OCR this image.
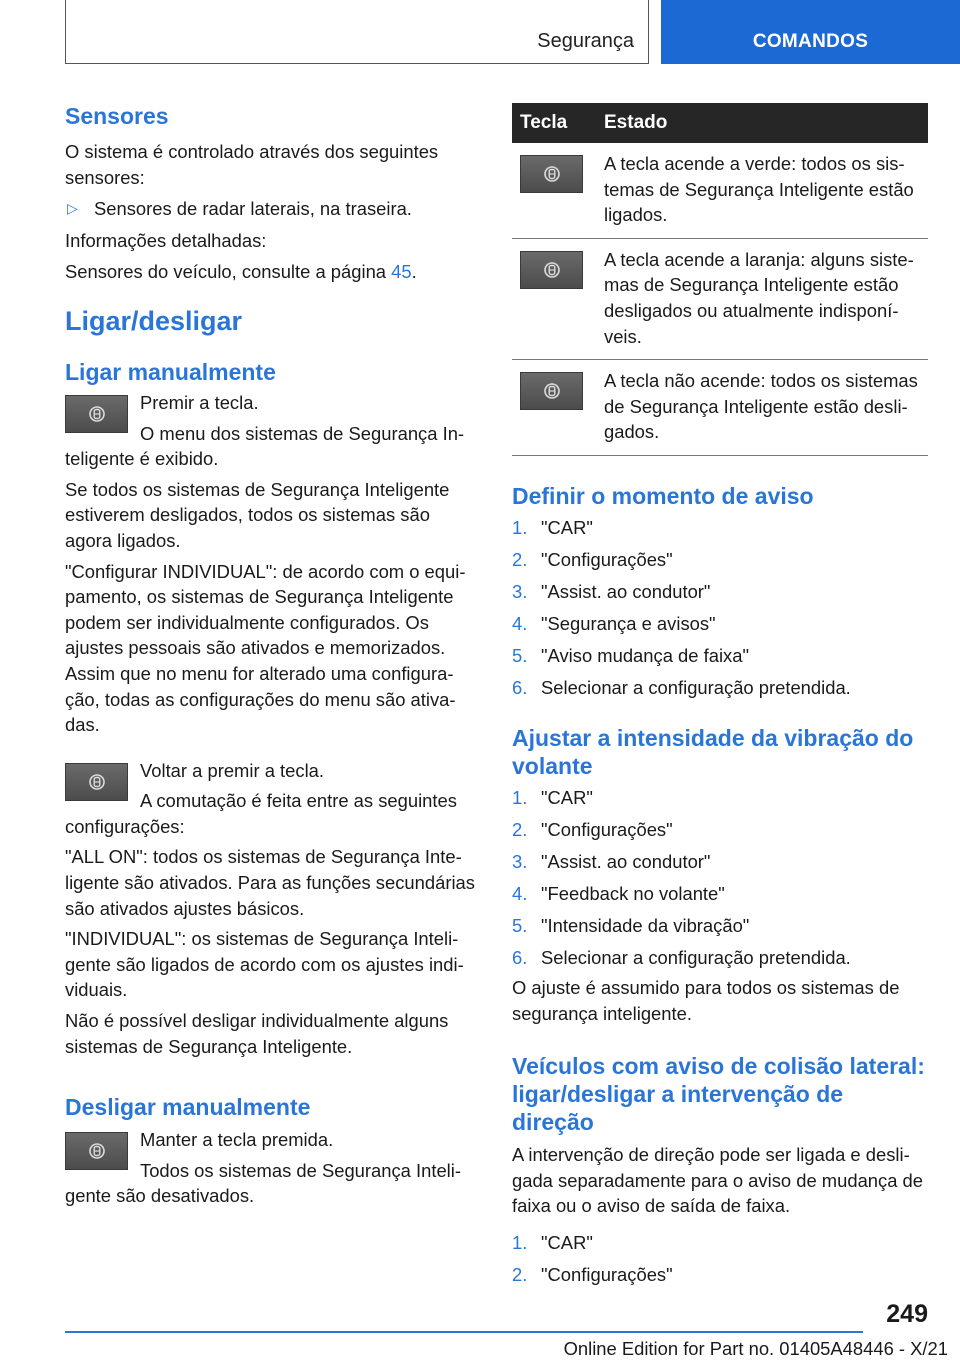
Segurança	COMANDOS
Sensores

O sistema é controlado através dos seguintes sensores:

▷ Sensores de radar laterais, na traseira.

Informações detalhadas:

Sensores do veículo, consulte a página 45.

Ligar/desligar
Ligar manualmente

Premir a tecla.

O menu dos sistemas de Segurança Inteligente é exibido.

Se todos os sistemas de Segurança Inteligente estiverem desligados, todos os sistemas são agora ligados.

"Configurar INDIVIDUAL": de acordo com o equipamento, os sistemas de Segurança Inteligente podem ser individualmente configurados. Os ajustes pessoais são ativados e memorizados. Assim que no menu for alterado uma configuração, todas as configurações do menu são ativadas.

Voltar a premir a tecla.

A comutação é feita entre as seguintes configurações:

"ALL ON": todos os sistemas de Segurança Inteligente são ativados. Para as funções secundárias são ativados ajustes básicos.

"INDIVIDUAL": os sistemas de Segurança Inteligente são ligados de acordo com os ajustes individuais.

Não é possível desligar individualmente alguns sistemas de Segurança Inteligente.

Desligar manualmente

Manter a tecla premida.

Todos os sistemas de Segurança Inteligente são desativados.

Tecla	Estado

	A tecla acende a verde: todos os sistemas de Segurança Inteligente estão ligados.

	A tecla acende a laranja: alguns sistemas de Segurança Inteligente estão desligados ou atualmente indisponíveis.

	A tecla não acende: todos os sistemas de Segurança Inteligente estão desligados.
Definir o momento de aviso
1. "CAR"
2. "Configurações"
3. "Assist. ao condutor"
4. "Segurança e avisos"
5. "Aviso mudança de faixa"
6. Selecionar a configuração pretendida.
Ajustar a intensidade da vibração do volante
1. "CAR"
2. "Configurações"
3. "Assist. ao condutor"
4. "Feedback no volante"
5. "Intensidade da vibração"
6. Selecionar a configuração pretendida.

O ajuste é assumido para todos os sistemas de segurança inteligente.

Veículos com aviso de colisão lateral: ligar/desligar a intervenção de direção

A intervenção de direção pode ser ligada e desligada separadamente para o aviso de mudança de faixa ou o aviso de saída de faixa.

1. "CAR"
2. "Configurações"
249
Online Edition for Part no. 01405A48446 - X/21
